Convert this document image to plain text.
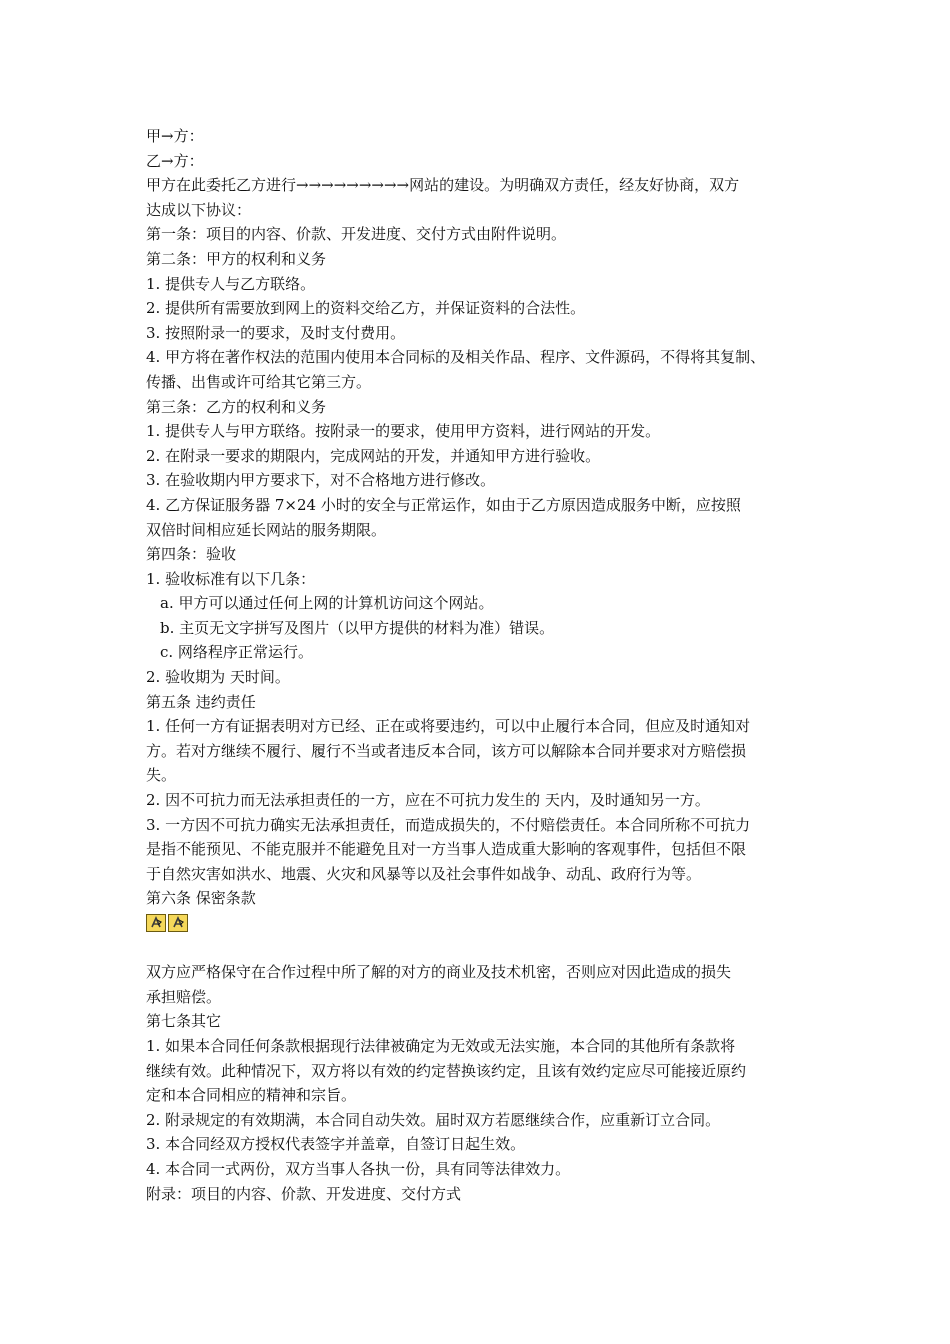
甲→方：

乙→方：

甲方在此委托乙方进行→→→→→→→→→网站的建设。为明确双方责任，经友好协商，双方

达成以下协议：

第一条：项目的内容、价款、开发进度、交付方式由附件说明。

第二条：甲方的权利和义务

1. 提供专人与乙方联络。

2. 提供所有需要放到网上的资料交给乙方，并保证资料的合法性。

3. 按照附录一的要求，及时支付费用。

4. 甲方将在著作权法的范围内使用本合同标的及相关作品、程序、文件源码，不得将其复制、

传播、出售或许可给其它第三方。

第三条：乙方的权利和义务

1. 提供专人与甲方联络。按附录一的要求，使用甲方资料，进行网站的开发。

2. 在附录一要求的期限内，完成网站的开发，并通知甲方进行验收。

3. 在验收期内甲方要求下，对不合格地方进行修改。

4. 乙方保证服务器 7×24 小时的安全与正常运作，如由于乙方原因造成服务中断，应按照

双倍时间相应延长网站的服务期限。

第四条：验收

1. 验收标准有以下几条：

a. 甲方可以通过任何上网的计算机访问这个网站。

b. 主页无文字拼写及图片（以甲方提供的材料为准）错误。

c. 网络程序正常运行。

2. 验收期为 天时间。

第五条 违约责任

1. 任何一方有证据表明对方已经、正在或将要违约，可以中止履行本合同，但应及时通知对

方。若对方继续不履行、履行不当或者违反本合同，该方可以解除本合同并要求对方赔偿损

失。

2. 因不可抗力而无法承担责任的一方，应在不可抗力发生的 天内，及时通知另一方。

3. 一方因不可抗力确实无法承担责任，而造成损失的，不付赔偿责任。本合同所称不可抗力

是指不能预见、不能克服并不能避免且对一方当事人造成重大影响的客观事件，包括但不限

于自然灾害如洪水、地震、火灾和风暴等以及社会事件如战争、动乱、政府行为等。

第六条 保密条款

双方应严格保守在合作过程中所了解的对方的商业及技术机密，否则应对因此造成的损失

承担赔偿。

第七条其它

1. 如果本合同任何条款根据现行法律被确定为无效或无法实施，本合同的其他所有条款将

继续有效。此种情况下，双方将以有效的约定替换该约定，且该有效约定应尽可能接近原约

定和本合同相应的精神和宗旨。

2. 附录规定的有效期满，本合同自动失效。届时双方若愿继续合作，应重新订立合同。

3. 本合同经双方授权代表签字并盖章，自签订日起生效。

4. 本合同一式两份，双方当事人各执一份，具有同等法律效力。

附录：项目的内容、价款、开发进度、交付方式
